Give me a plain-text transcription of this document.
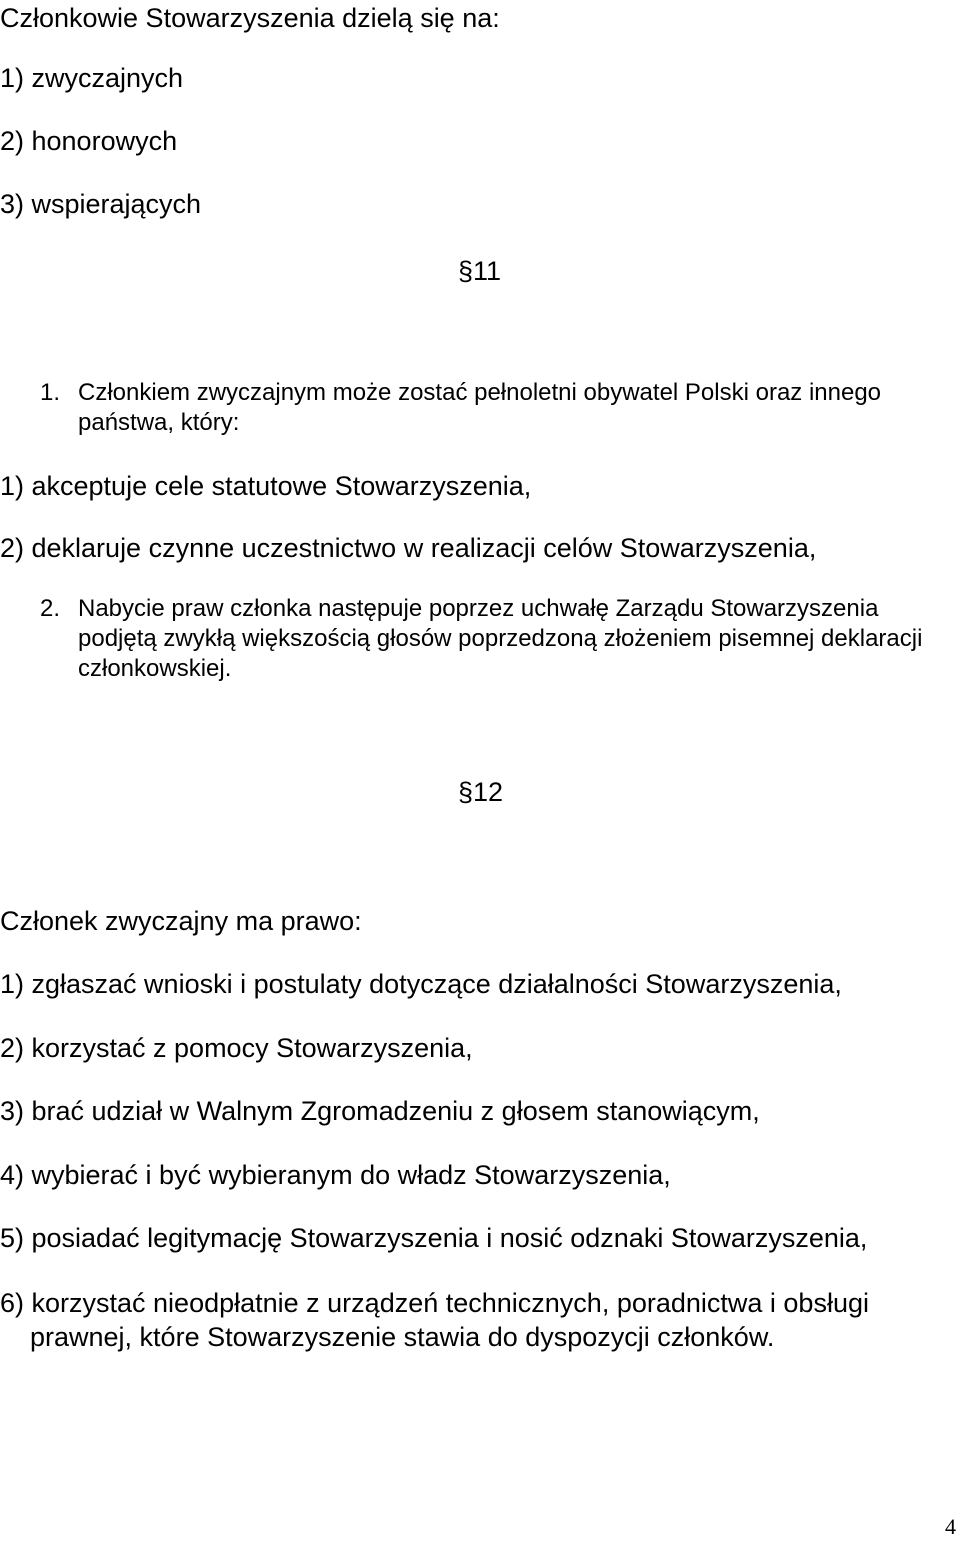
Członkowie Stowarzyszenia dzielą się na:
1) zwyczajnych
2) honorowych
3) wspierających
§11
1. Członkiem zwyczajnym może zostać pełnoletni obywatel Polski oraz innego państwa, który:
1) akceptuje cele statutowe Stowarzyszenia,
2) deklaruje czynne uczestnictwo w realizacji celów Stowarzyszenia,
2. Nabycie praw członka następuje poprzez uchwałę Zarządu Stowarzyszenia podjętą zwykłą większością głosów poprzedzoną złożeniem pisemnej deklaracji członkowskiej.
§12
Członek zwyczajny ma prawo:
1) zgłaszać wnioski i postulaty dotyczące działalności Stowarzyszenia,
2) korzystać z pomocy Stowarzyszenia,
3) brać udział w Walnym Zgromadzeniu z głosem stanowiącym,
4) wybierać i być wybieranym do władz Stowarzyszenia,
5) posiadać legitymację Stowarzyszenia i nosić odznaki Stowarzyszenia,
6) korzystać nieodpłatnie z urządzeń technicznych, poradnictwa i obsługi
prawnej, które Stowarzyszenie stawia do dyspozycji członków.
4
